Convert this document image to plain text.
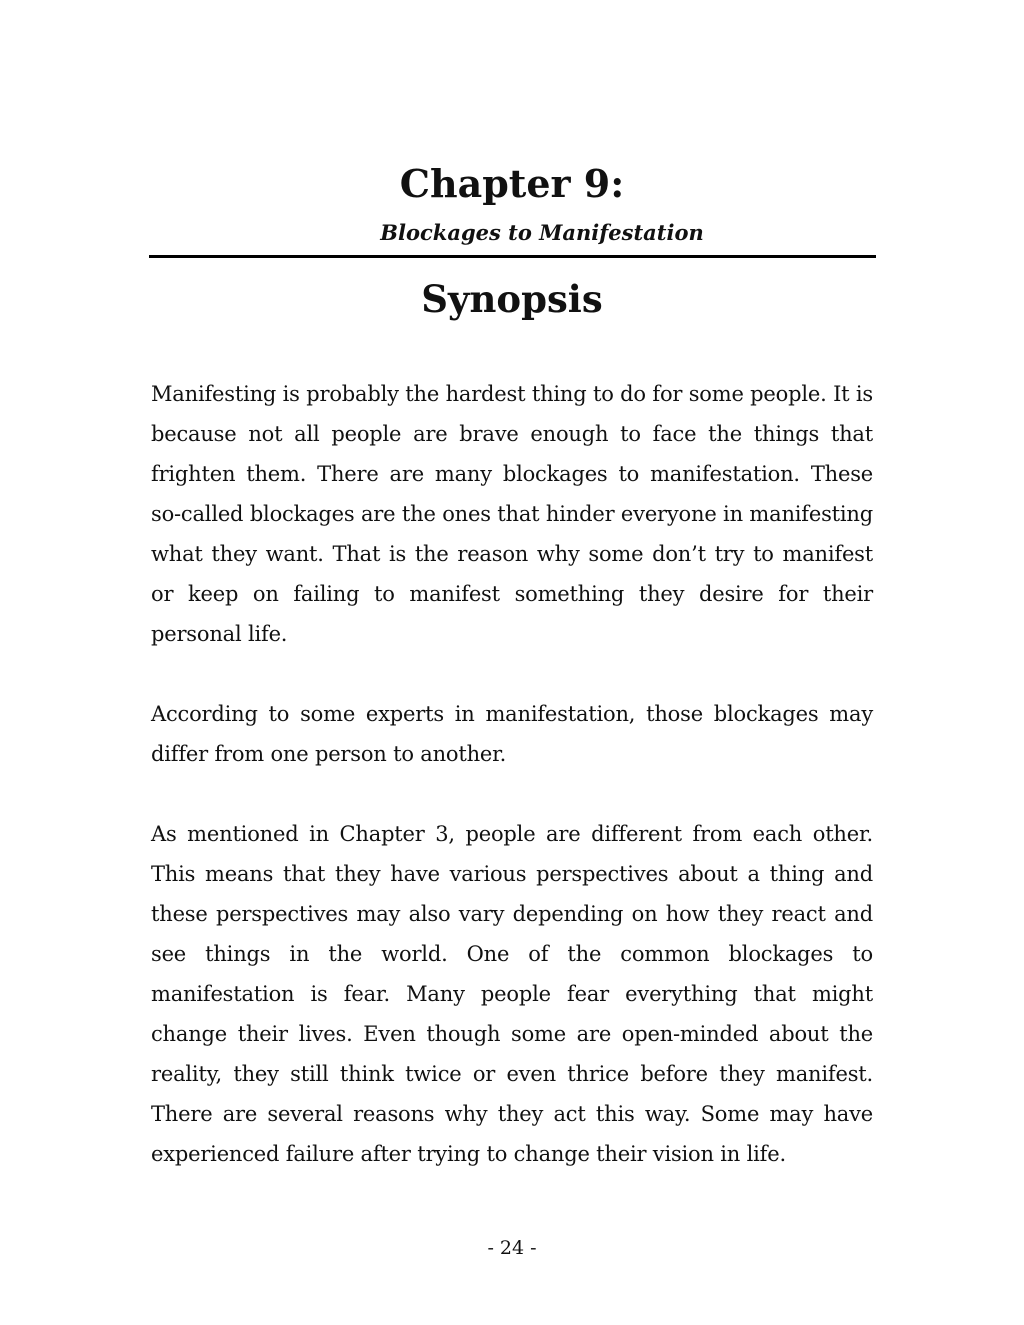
Chapter 9:
Blockages to Manifestation
Synopsis

Manifesting is probably the hardest thing to do for some people. It is because not all people are brave enough to face the things that frighten them. There are many blockages to manifestation. These so-called blockages are the ones that hinder everyone in manifesting what they want. That is the reason why some don’t try to manifest or keep on failing to manifest something they desire for their personal life.

According to some experts in manifestation, those blockages may differ from one person to another.

As mentioned in Chapter 3, people are different from each other. This means that they have various perspectives about a thing and these perspectives may also vary depending on how they react and see things in the world. One of the common blockages to manifestation is fear. Many people fear everything that might change their lives. Even though some are open-minded about the reality, they still think twice or even thrice before they manifest. There are several reasons why they act this way. Some may have experienced failure after trying to change their vision in life.

- 24 -
